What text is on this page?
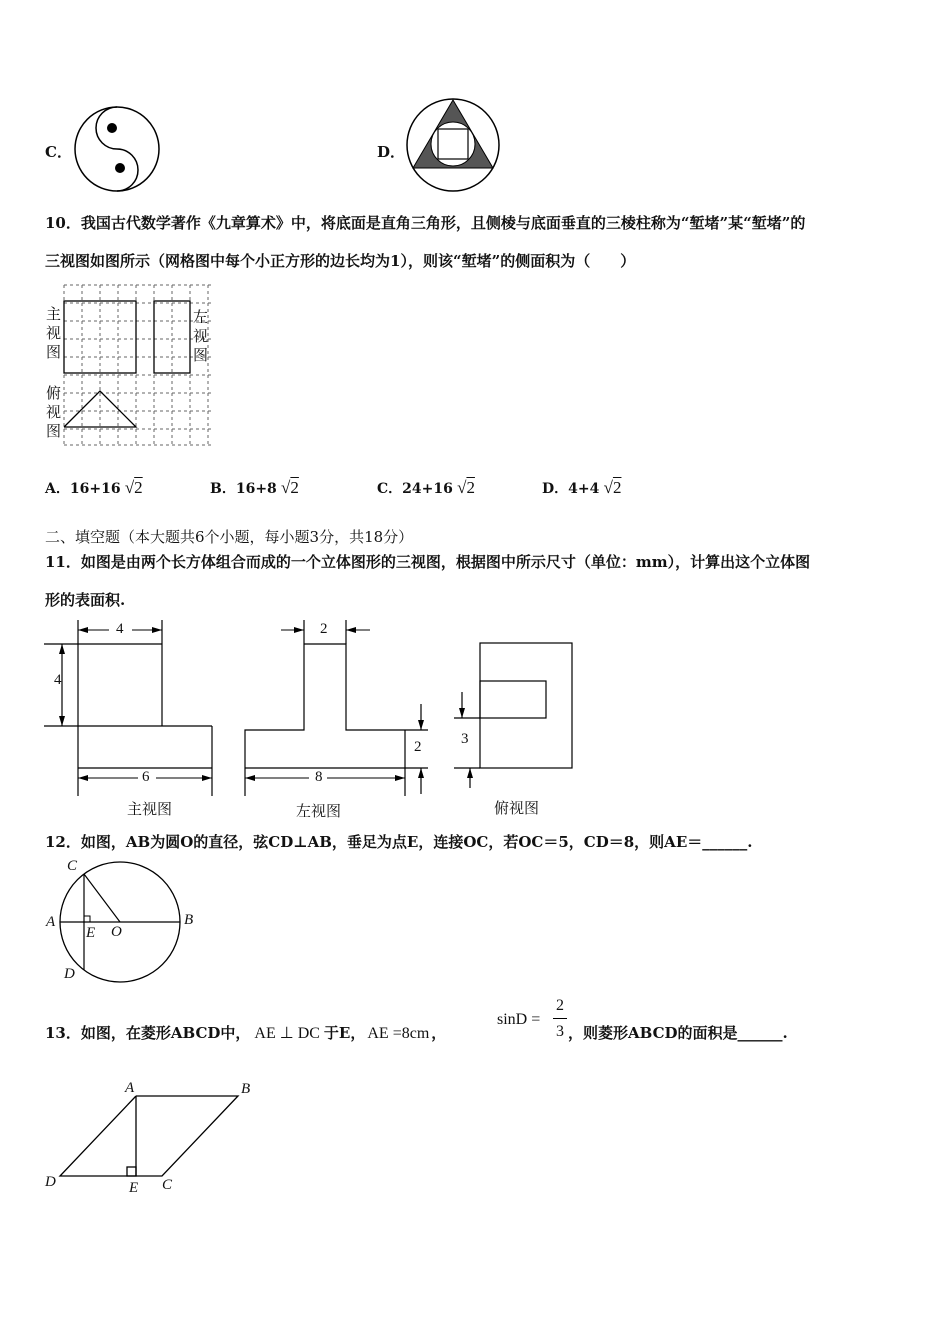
C．	D．
10．我国古代数学著作《九章算术》中，将底面是直角三角形，且侧棱与底面垂直的三棱柱称为“堑堵”某“堑堵”的
三视图如图所示（网格图中每个小正方形的边长均为1），则该“堑堵”的侧面积为（　　）
主
视
图
左
视
图
俯
视
图
A．16+16 √2	B．16+8 √2	C．24+16 √2	D．4+4 √2
二、填空题（本大题共6个小题，每小题3分，共18分）
11．如图是由两个长方体组合而成的一个立体图形的三视图，根据图中所示尺寸（单位：mm），计算出这个立体图
形的表面积.
4
4
6
主视图
2
8
2
左视图
3
俯视图
12．如图，AB为圆O的直径，弦CD⊥AB，垂足为点E，连接OC，若OC＝5，CD＝8，则AE＝______.
C
A
E O
B
D
13．如图，在菱形ABCD中， AE ⊥ DC 于E， AE =8cm ，
sinD =
2
3 ，则菱形ABCD的面积是______.
A	B
D	E C
